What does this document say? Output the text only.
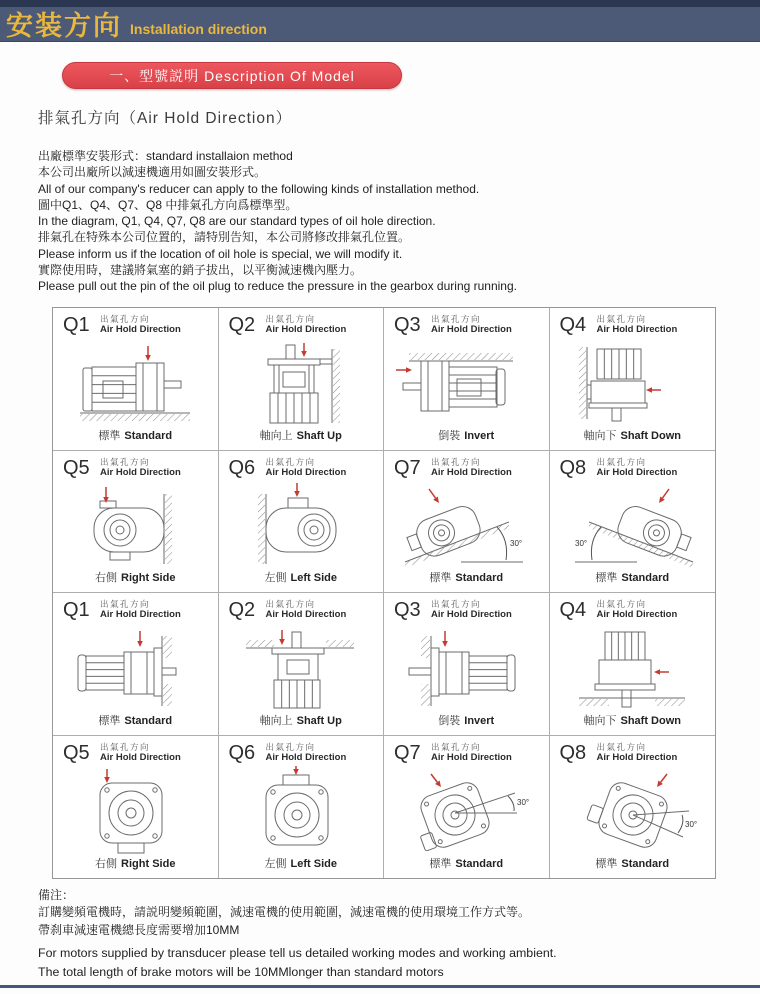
安装方向 Installation direction
一、型號説明 Description Of Model
排氣孔方向（Air Hold Direction）
出廠標準安裝形式：standard installaion method
本公司出廠所以減速機適用如圖安裝形式。
All of our company's reducer can apply to the following kinds of installation method.
圖中Q1、Q4、Q7、Q8 中排氣孔方向爲標準型。
In the diagram, Q1, Q4, Q7, Q8 are our standard types of oil hole direction.
排氣孔在特殊本公司位置的，請特別告知，本公司將修改排氣孔位置。
Please inform us if the location of oil hole is special, we will modify it.
實際使用時，建議將氣塞的銷子拔出，以平衡減速機內壓力。
Please pull out the pin of the oil plug to reduce the pressure in the gearbox during running.
Q1 出氣孔方向
Air Hold Direction
標準 Standard
Q2 出氣孔方向
Air Hold Direction
軸向上 Shaft Up
Q3 出氣孔方向
Air Hold Direction
倒裝 Invert
Q4 出氣孔方向
Air Hold Direction
軸向下 Shaft Down
Q5 出氣孔方向
Air Hold Direction
右側 Right Side
Q6 出氣孔方向
Air Hold Direction
左側 Left Side
Q7 出氣孔方向
Air Hold Direction
30°
標準 Standard
Q8 出氣孔方向
Air Hold Direction
30°
標準 Standard
Q1 出氣孔方向
Air Hold Direction
標準 Standard
Q2 出氣孔方向
Air Hold Direction
軸向上 Shaft Up
Q3 出氣孔方向
Air Hold Direction
倒裝 Invert
Q4 出氣孔方向
Air Hold Direction
軸向下 Shaft Down
Q5 出氣孔方向
Air Hold Direction
右側 Right Side
Q6 出氣孔方向
Air Hold Direction
左側 Left Side
Q7 出氣孔方向
Air Hold Direction
30°
標準 Standard
Q8 出氣孔方向
Air Hold Direction
30°
標準 Standard
備注：
訂購變頻電機時，請説明變頻範圍，減速電機的使用範圍，減速電機的使用環境工作方式等。
帶刹車減速電機總長度需要增加10MM
For motors supplied by transducer please tell us detailed working modes and working ambient.
The total length of brake motors will be 10MMlonger than standard motors
